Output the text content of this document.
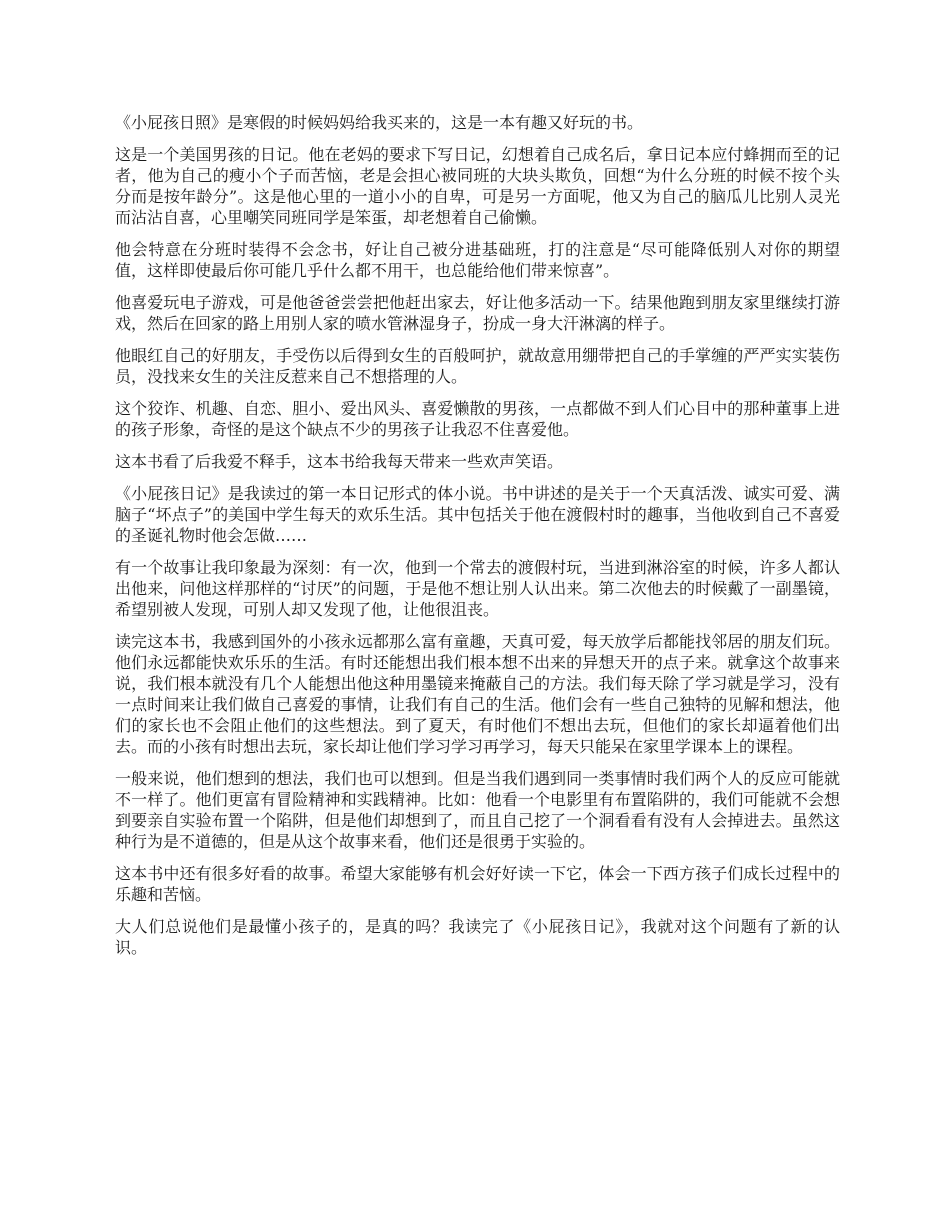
《小屁孩日照》是寒假的时候妈妈给我买来的，这是一本有趣又好玩的书。

这是一个美国男孩的日记。他在老妈的要求下写日记，幻想着自己成名后，拿日记本应付蜂拥而至的记者，他为自己的瘦小个子而苦恼，老是会担心被同班的大块头欺负，回想“为什么分班的时候不按个头分而是按年龄分”。这是他心里的一道小小的自卑，可是另一方面呢，他又为自己的脑瓜儿比别人灵光而沾沾自喜，心里嘲笑同班同学是笨蛋，却老想着自己偷懒。

他会特意在分班时装得不会念书，好让自己被分进基础班，打的注意是“尽可能降低别人对你的期望值，这样即使最后你可能几乎什么都不用干，也总能给他们带来惊喜”。

他喜爱玩电子游戏，可是他爸爸尝尝把他赶出家去，好让他多活动一下。结果他跑到朋友家里继续打游戏，然后在回家的路上用别人家的喷水管淋湿身子，扮成一身大汗淋漓的样子。

他眼红自己的好朋友，手受伤以后得到女生的百般呵护，就故意用绷带把自己的手掌缠的严严实实装伤员，没找来女生的关注反惹来自己不想搭理的人。

这个狡诈、机趣、自恋、胆小、爱出风头、喜爱懒散的男孩，一点都做不到人们心目中的那种董事上进的孩子形象，奇怪的是这个缺点不少的男孩子让我忍不住喜爱他。

这本书看了后我爱不释手，这本书给我每天带来一些欢声笑语。

《小屁孩日记》是我读过的第一本日记形式的体小说。书中讲述的是关于一个天真活泼、诚实可爱、满脑子“坏点子”的美国中学生每天的欢乐生活。其中包括关于他在渡假村时的趣事，当他收到自己不喜爱的圣诞礼物时他会怎做……

有一个故事让我印象最为深刻：有一次，他到一个常去的渡假村玩，当进到淋浴室的时候，许多人都认出他来，问他这样那样的“讨厌”的问题，于是他不想让别人认出来。第二次他去的时候戴了一副墨镜，希望别被人发现，可别人却又发现了他，让他很沮丧。

读完这本书，我感到国外的小孩永远都那么富有童趣，天真可爱，每天放学后都能找邻居的朋友们玩。他们永远都能快欢乐乐的生活。有时还能想出我们根本想不出来的异想天开的点子来。就拿这个故事来说，我们根本就没有几个人能想出他这种用墨镜来掩蔽自己的方法。我们每天除了学习就是学习，没有一点时间来让我们做自己喜爱的事情，让我们有自己的生活。他们会有一些自己独特的见解和想法，他们的家长也不会阻止他们的这些想法。到了夏天，有时他们不想出去玩，但他们的家长却逼着他们出去。而的小孩有时想出去玩，家长却让他们学习学习再学习，每天只能呆在家里学课本上的课程。

一般来说，他们想到的想法，我们也可以想到。但是当我们遇到同一类事情时我们两个人的反应可能就不一样了。他们更富有冒险精神和实践精神。比如：他看一个电影里有布置陷阱的，我们可能就不会想到要亲自实验布置一个陷阱，但是他们却想到了，而且自己挖了一个洞看看有没有人会掉进去。虽然这种行为是不道德的，但是从这个故事来看，他们还是很勇于实验的。

这本书中还有很多好看的故事。希望大家能够有机会好好读一下它，体会一下西方孩子们成长过程中的乐趣和苦恼。

大人们总说他们是最懂小孩子的，是真的吗？我读完了《小屁孩日记》，我就对这个问题有了新的认识。
